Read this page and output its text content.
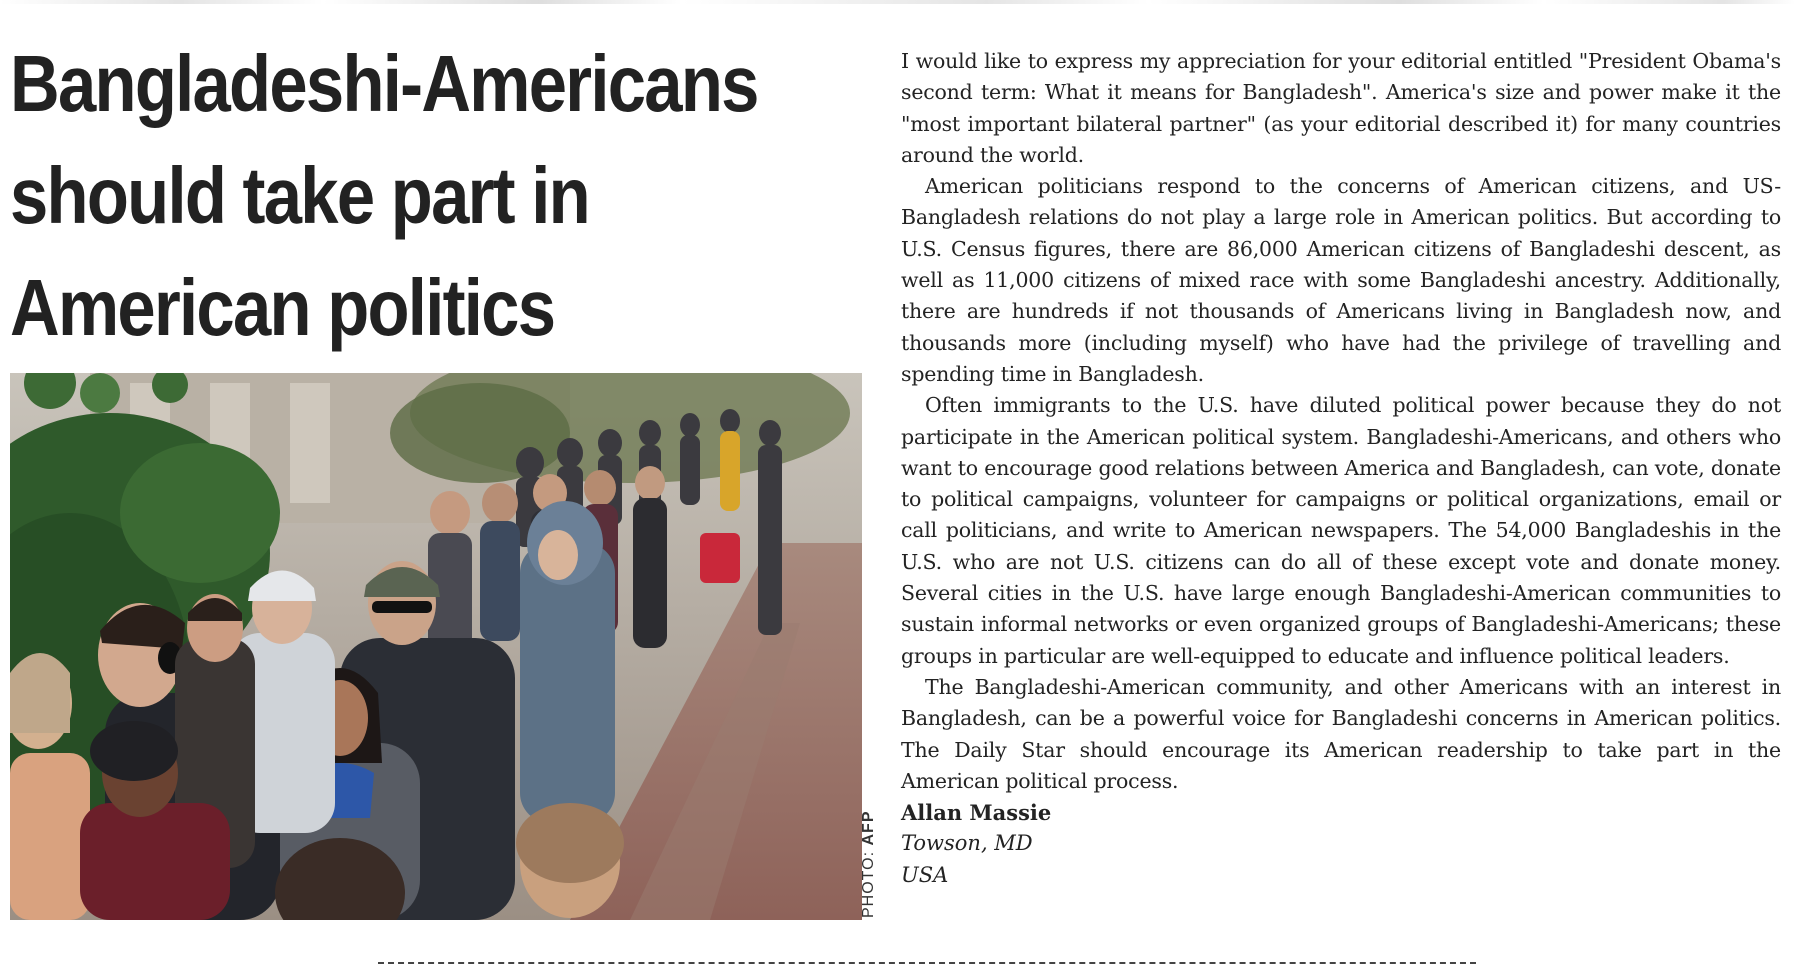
Bangladeshi-Americans
should take part in
American politics
PHOTO: AFP

I would like to express my appreciation for your editorial entitled "President Obama's second term: What it means for Bangladesh". America's size and power make it the "most important bilateral partner" (as your editorial described it) for many countries around the world.

American politicians respond to the concerns of American citizens, and US-Bangladesh relations do not play a large role in American politics. But according to U.S. Census figures, there are 86,000 American citizens of Bangladeshi descent, as well as 11,000 citizens of mixed race with some Bangladeshi ancestry. Additionally, there are hundreds if not thousands of Americans living in Bangladesh now, and thousands more (including myself) who have had the privilege of travelling and spending time in Bangladesh.

Often immigrants to the U.S. have diluted political power because they do not participate in the American political system. Bangladeshi-Americans, and others who want to encourage good relations between America and Bangladesh, can vote, donate to political campaigns, volunteer for campaigns or political organizations, email or call politicians, and write to American newspapers. The 54,000 Bangladeshis in the U.S. who are not U.S. citizens can do all of these except vote and donate money. Several cities in the U.S. have large enough Bangladeshi-American communities to sustain informal networks or even organized groups of Bangladeshi-Americans; these groups in particular are well-equipped to educate and influence political leaders.

The Bangladeshi-American community, and other Americans with an interest in Bangladesh, can be a powerful voice for Bangladeshi concerns in American politics. The Daily Star should encourage its American readership to take part in the American political process.

Allan Massie
Towson, MD
USA
